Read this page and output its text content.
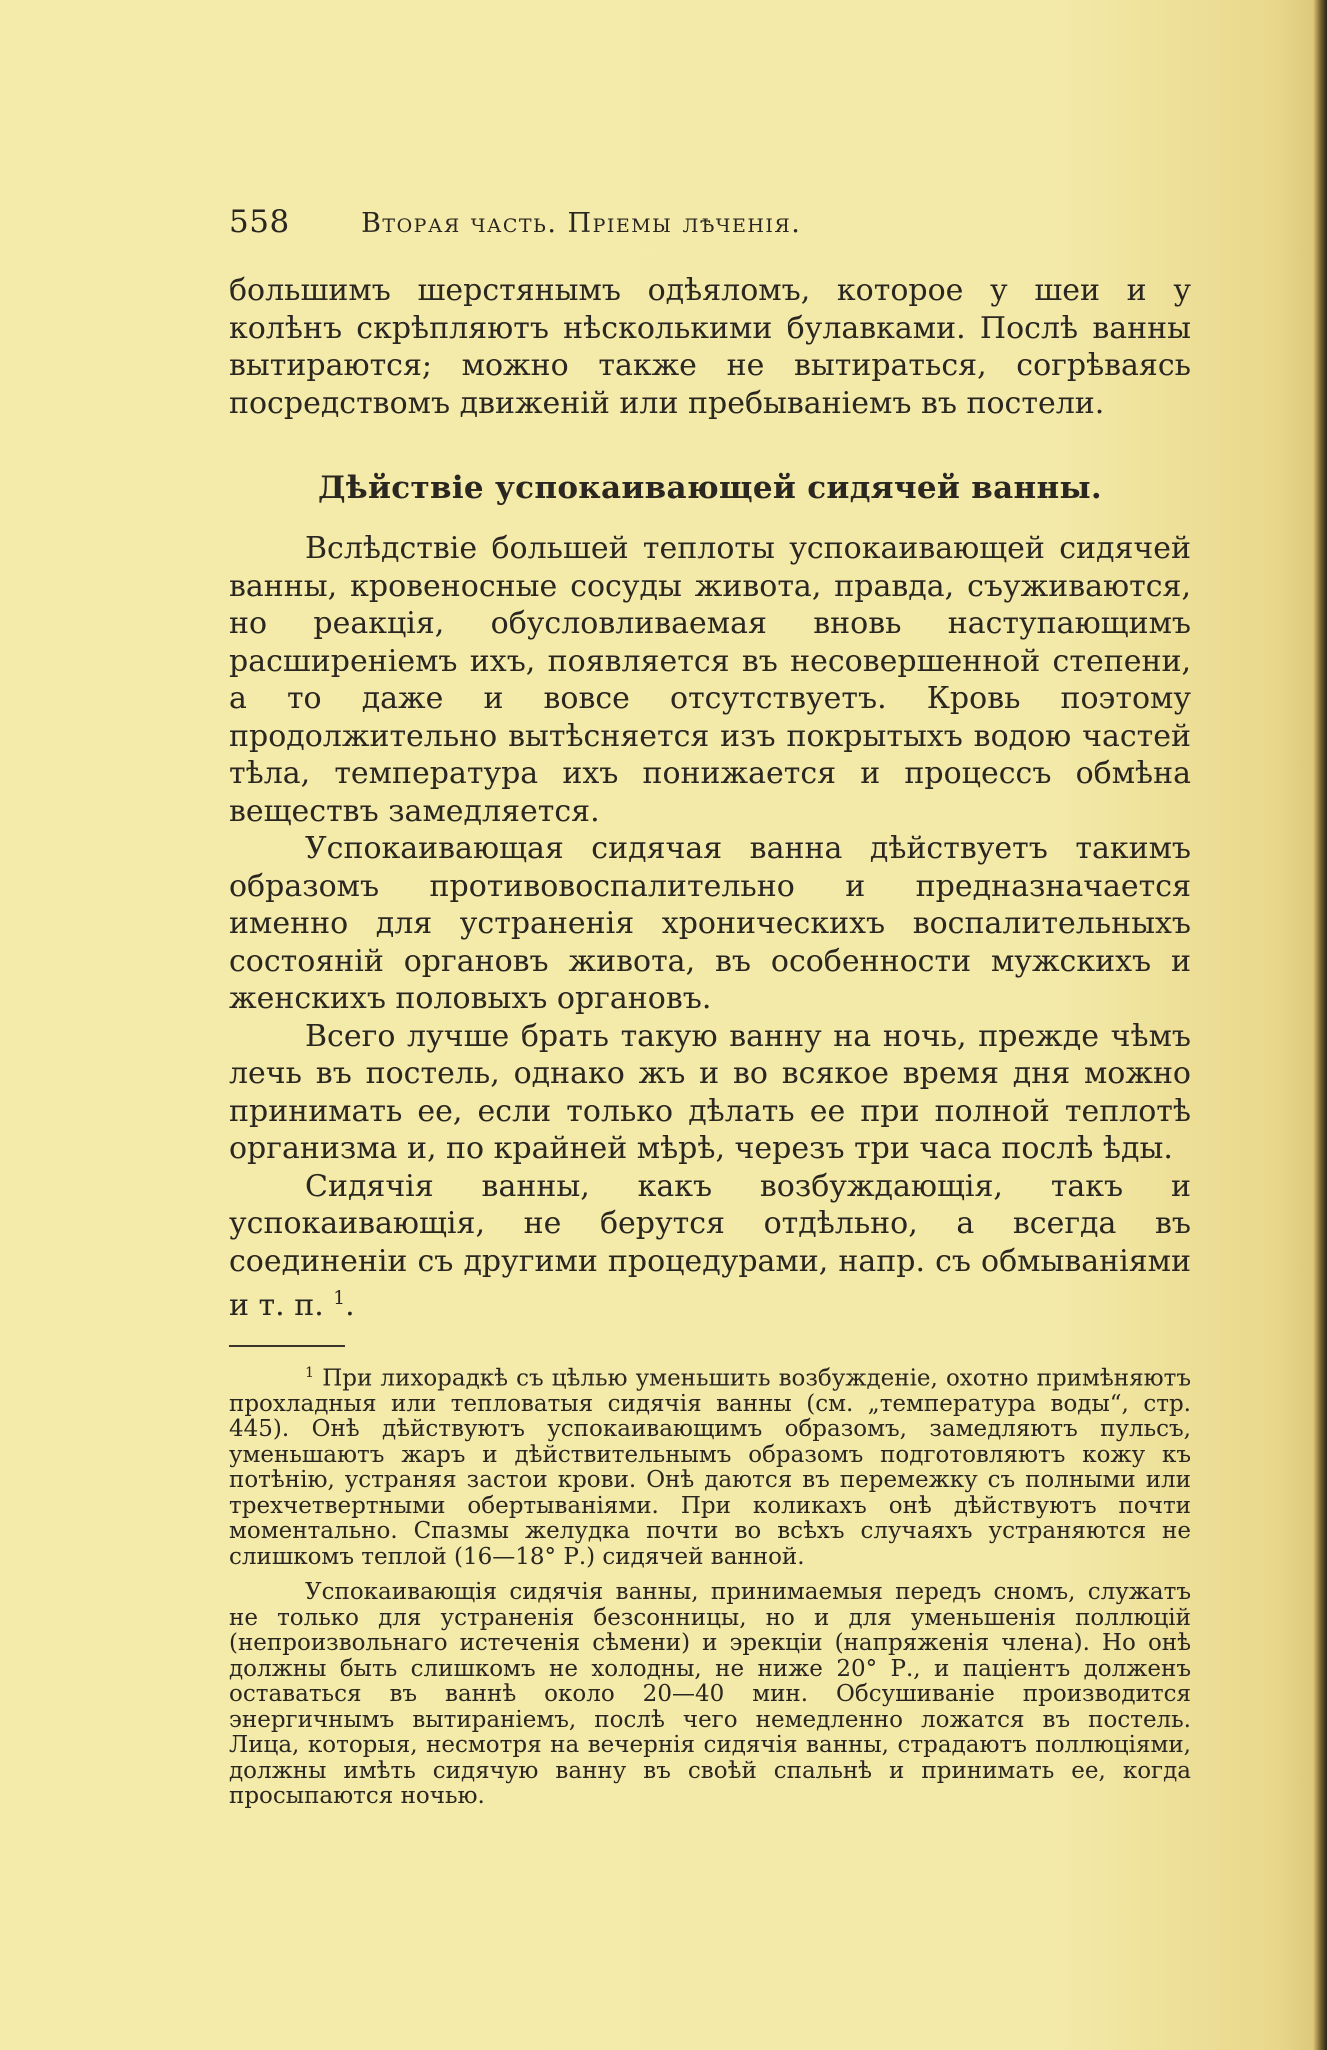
558	Вторая часть. Пріемы лѣченія.

большимъ шерстянымъ одѣяломъ, которое у шеи и у колѣнъ скрѣпляютъ нѣсколькими булавками. Послѣ ванны вытираются; можно также не вытираться, согрѣваясь посредствомъ движеній или пребываніемъ въ постели.

Дѣйствіе успокаивающей сидячей ванны.

Вслѣдствіе большей теплоты успокаивающей сидячей ванны, кровеносные сосуды живота, правда, съуживаются, но реакція, обусловливаемая вновь наступающимъ расширеніемъ ихъ, появляется въ несовершенной степени, а то даже и вовсе отсутствуетъ. Кровь поэтому продолжительно вытѣсняется изъ покрытыхъ водою частей тѣла, температура ихъ понижается и процессъ обмѣна веществъ замедляется.

Успокаивающая сидячая ванна дѣйствуетъ такимъ образомъ противовоспалительно и предназначается именно для устраненія хроническихъ воспалительныхъ состояній органовъ живота, въ особенности мужскихъ и женскихъ половыхъ органовъ.

Всего лучше брать такую ванну на ночь, прежде чѣмъ лечь въ постель, однако жъ и во всякое время дня можно принимать ее, если только дѣлать ее при полной теплотѣ организма и, по крайней мѣрѣ, черезъ три часа послѣ ѣды.

Сидячія ванны, какъ возбуждающія, такъ и успокаивающія, не берутся отдѣльно, а всегда въ соединеніи съ другими процедурами, напр. съ обмываніями и т. п. $^1$.

$^1$ При лихорадкѣ съ цѣлью уменьшить возбужденіе, охотно примѣняютъ прохладныя или тепловатыя сидячія ванны (см. „температура воды“, стр. 445). Онѣ дѣйствуютъ успокаивающимъ образомъ, замедляютъ пульсъ, уменьшаютъ жаръ и дѣйствительнымъ образомъ подготовляютъ кожу къ потѣнію, устраняя застои крови. Онѣ даются въ перемежку съ полными или трехчетвертными обертываніями. При коликахъ онѣ дѣйствуютъ почти моментально. Спазмы желудка почти во всѣхъ случаяхъ устраняются не слишкомъ теплой (16—18° Р.) сидячей ванной.

Успокаивающія сидячія ванны, принимаемыя передъ сномъ, служатъ не только для устраненія безсонницы, но и для уменьшенія поллюцій (непроизвольнаго истеченія сѣмени) и эрекціи (напряженія члена). Но онѣ должны быть слишкомъ не холодны, не ниже 20° Р., и паціентъ долженъ оставаться въ ваннѣ около 20—40 мин. Обсушиваніе производится энергичнымъ вытираніемъ, послѣ чего немедленно ложатся въ постель. Лица, которыя, несмотря на вечернія сидячія ванны, страдаютъ поллюціями, должны имѣть сидячую ванну въ своѣй спальнѣ и принимать ее, когда просыпаются ночью.
